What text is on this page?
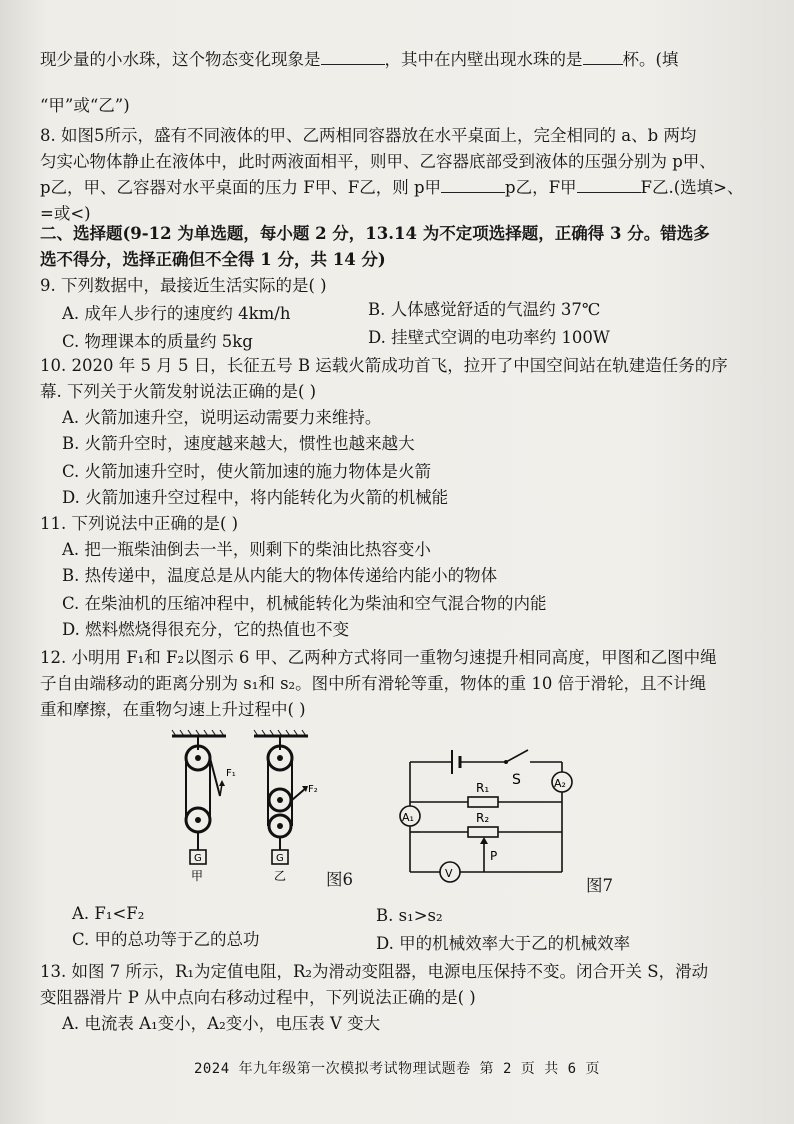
现少量的小水珠，这个物态变化现象是	，其中在内壁出现水珠的是 杯。(填
“甲”或“乙”)
8. 如图5所示，盛有不同液体的甲、乙两相同容器放在水平桌面上，完全相同的 a、b 两均
匀实心物体静止在液体中，此时两液面相平，则甲、乙容器底部受到液体的压强分别为 p甲、
p乙，甲、乙容器对水平桌面的压力 F甲、F乙，则 p甲	p乙，F甲	F乙.(选填>、
=或<)
二、选择题(9-12 为单选题，每小题 2 分，13.14 为不定项选择题，正确得 3 分。错选多
选不得分，选择正确但不全得 1 分，共 14 分)
9. 下列数据中，最接近生活实际的是( )
A. 成年人步行的速度约 4km/h	B. 人体感觉舒适的气温约 37℃
C. 物理课本的质量约 5kg	D. 挂壁式空调的电功率约 100W
10. 2020 年 5 月 5 日，长征五号 B 运载火箭成功首飞，拉开了中国空间站在轨建造任务的序
幕. 下列关于火箭发射说法正确的是( )
A. 火箭加速升空，说明运动需要力来维持。
B. 火箭升空时，速度越来越大，惯性也越来越大
C. 火箭加速升空时，使火箭加速的施力物体是火箭
D. 火箭加速升空过程中，将内能转化为火箭的机械能
11. 下列说法中正确的是( )
A. 把一瓶柴油倒去一半，则剩下的柴油比热容变小
B. 热传递中，温度总是从内能大的物体传递给内能小的物体
C. 在柴油机的压缩冲程中，机械能转化为柴油和空气混合物的内能
D. 燃料燃烧得很充分，它的热值也不变
12. 小明用 F₁和 F₂以图示 6 甲、乙两种方式将同一重物匀速提升相同高度，甲图和乙图中绳
子自由端移动的距离分别为 s₁和 s₂。图中所有滑轮等重，物体的重 10 倍于滑轮，且不计绳
重和摩擦，在重物匀速上升过程中( )
F₁
G
甲
F₂
G
乙 图6
S	A₂
A₁
R₁
R₂
P
V
图7
A. F₁<F₂	B. s₁>s₂
C. 甲的总功等于乙的总功	D. 甲的机械效率大于乙的机械效率
13. 如图 7 所示，R₁为定值电阻，R₂为滑动变阻器，电源电压保持不变。闭合开关 S，滑动
变阻器滑片 P 从中点向右移动过程中，下列说法正确的是( )
A. 电流表 A₁变小，A₂变小，电压表 V 变大
2024 年九年级第一次模拟考试物理试题卷 第 2 页 共 6 页
